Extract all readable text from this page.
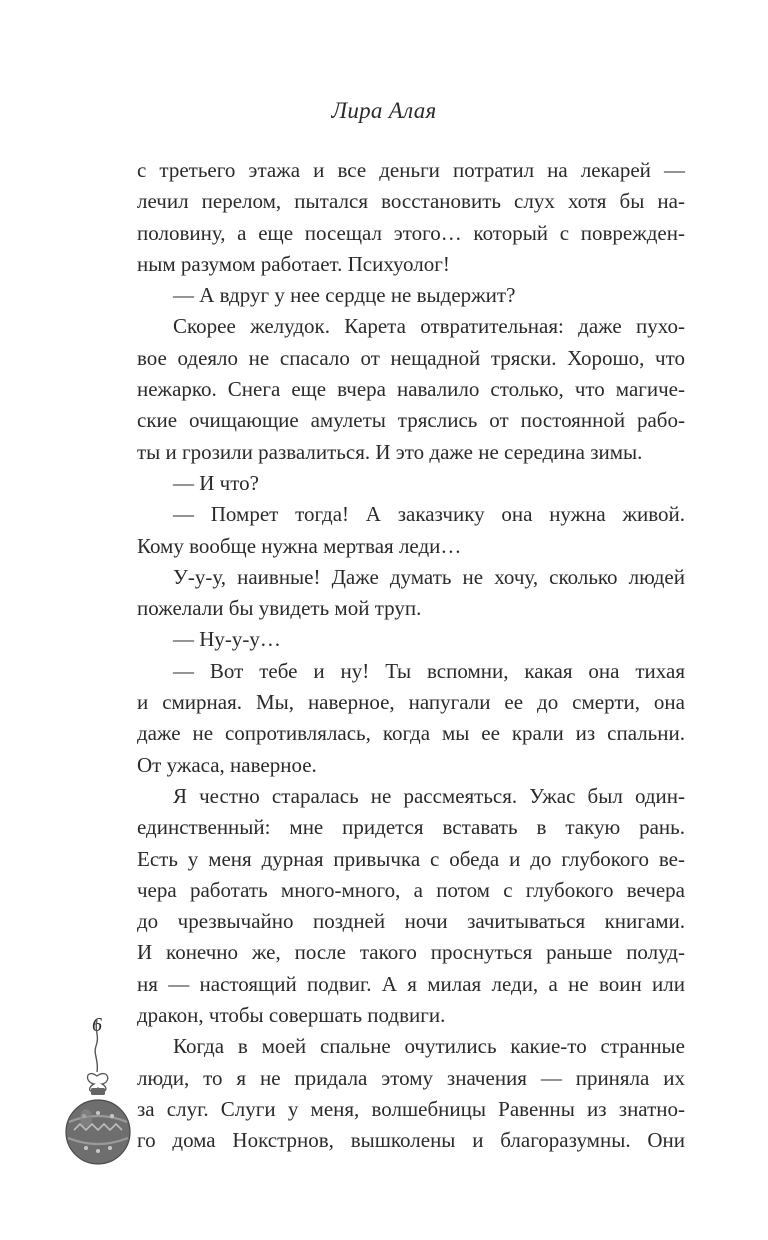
Лира Алая
с третьего этажа и все деньги потратил на лекарей —
лечил перелом, пытался восстановить слух хотя бы на-
половину, а еще посещал этого… который с поврежден-
ным разумом работает. Психуолог!
— А вдруг у нее сердце не выдержит?
Скорее желудок. Карета отвратительная: даже пухо-
вое одеяло не спасало от нещадной тряски. Хорошо, что
нежарко. Снега еще вчера навалило столько, что магиче-
ские очищающие амулеты тряслись от постоянной рабо-
ты и грозили развалиться. И это даже не середина зимы.
— И что?
— Помрет тогда! А заказчику она нужна живой.
Кому вообще нужна мертвая леди…
У-у-у, наивные! Даже думать не хочу, сколько людей
пожелали бы увидеть мой труп.
— Ну-у-у…
— Вот тебе и ну! Ты вспомни, какая она тихая
и смирная. Мы, наверное, напугали ее до смерти, она
даже не сопротивлялась, когда мы ее крали из спальни.
От ужаса, наверное.
Я честно старалась не рассмеяться. Ужас был один-
единственный: мне придется вставать в такую рань.
Есть у меня дурная привычка с обеда и до глубокого ве-
чера работать много-много, а потом с глубокого вечера
до чрезвычайно поздней ночи зачитываться книгами.
И конечно же, после такого проснуться раньше полуд-
ня — настоящий подвиг. А я милая леди, а не воин или
дракон, чтобы совершать подвиги.
Когда в моей спальне очутились какие-то странные
люди, то я не придала этому значения — приняла их
за слуг. Слуги у меня, волшебницы Равенны из знатно-
го дома Нокстрнов, вышколены и благоразумны. Они
6
